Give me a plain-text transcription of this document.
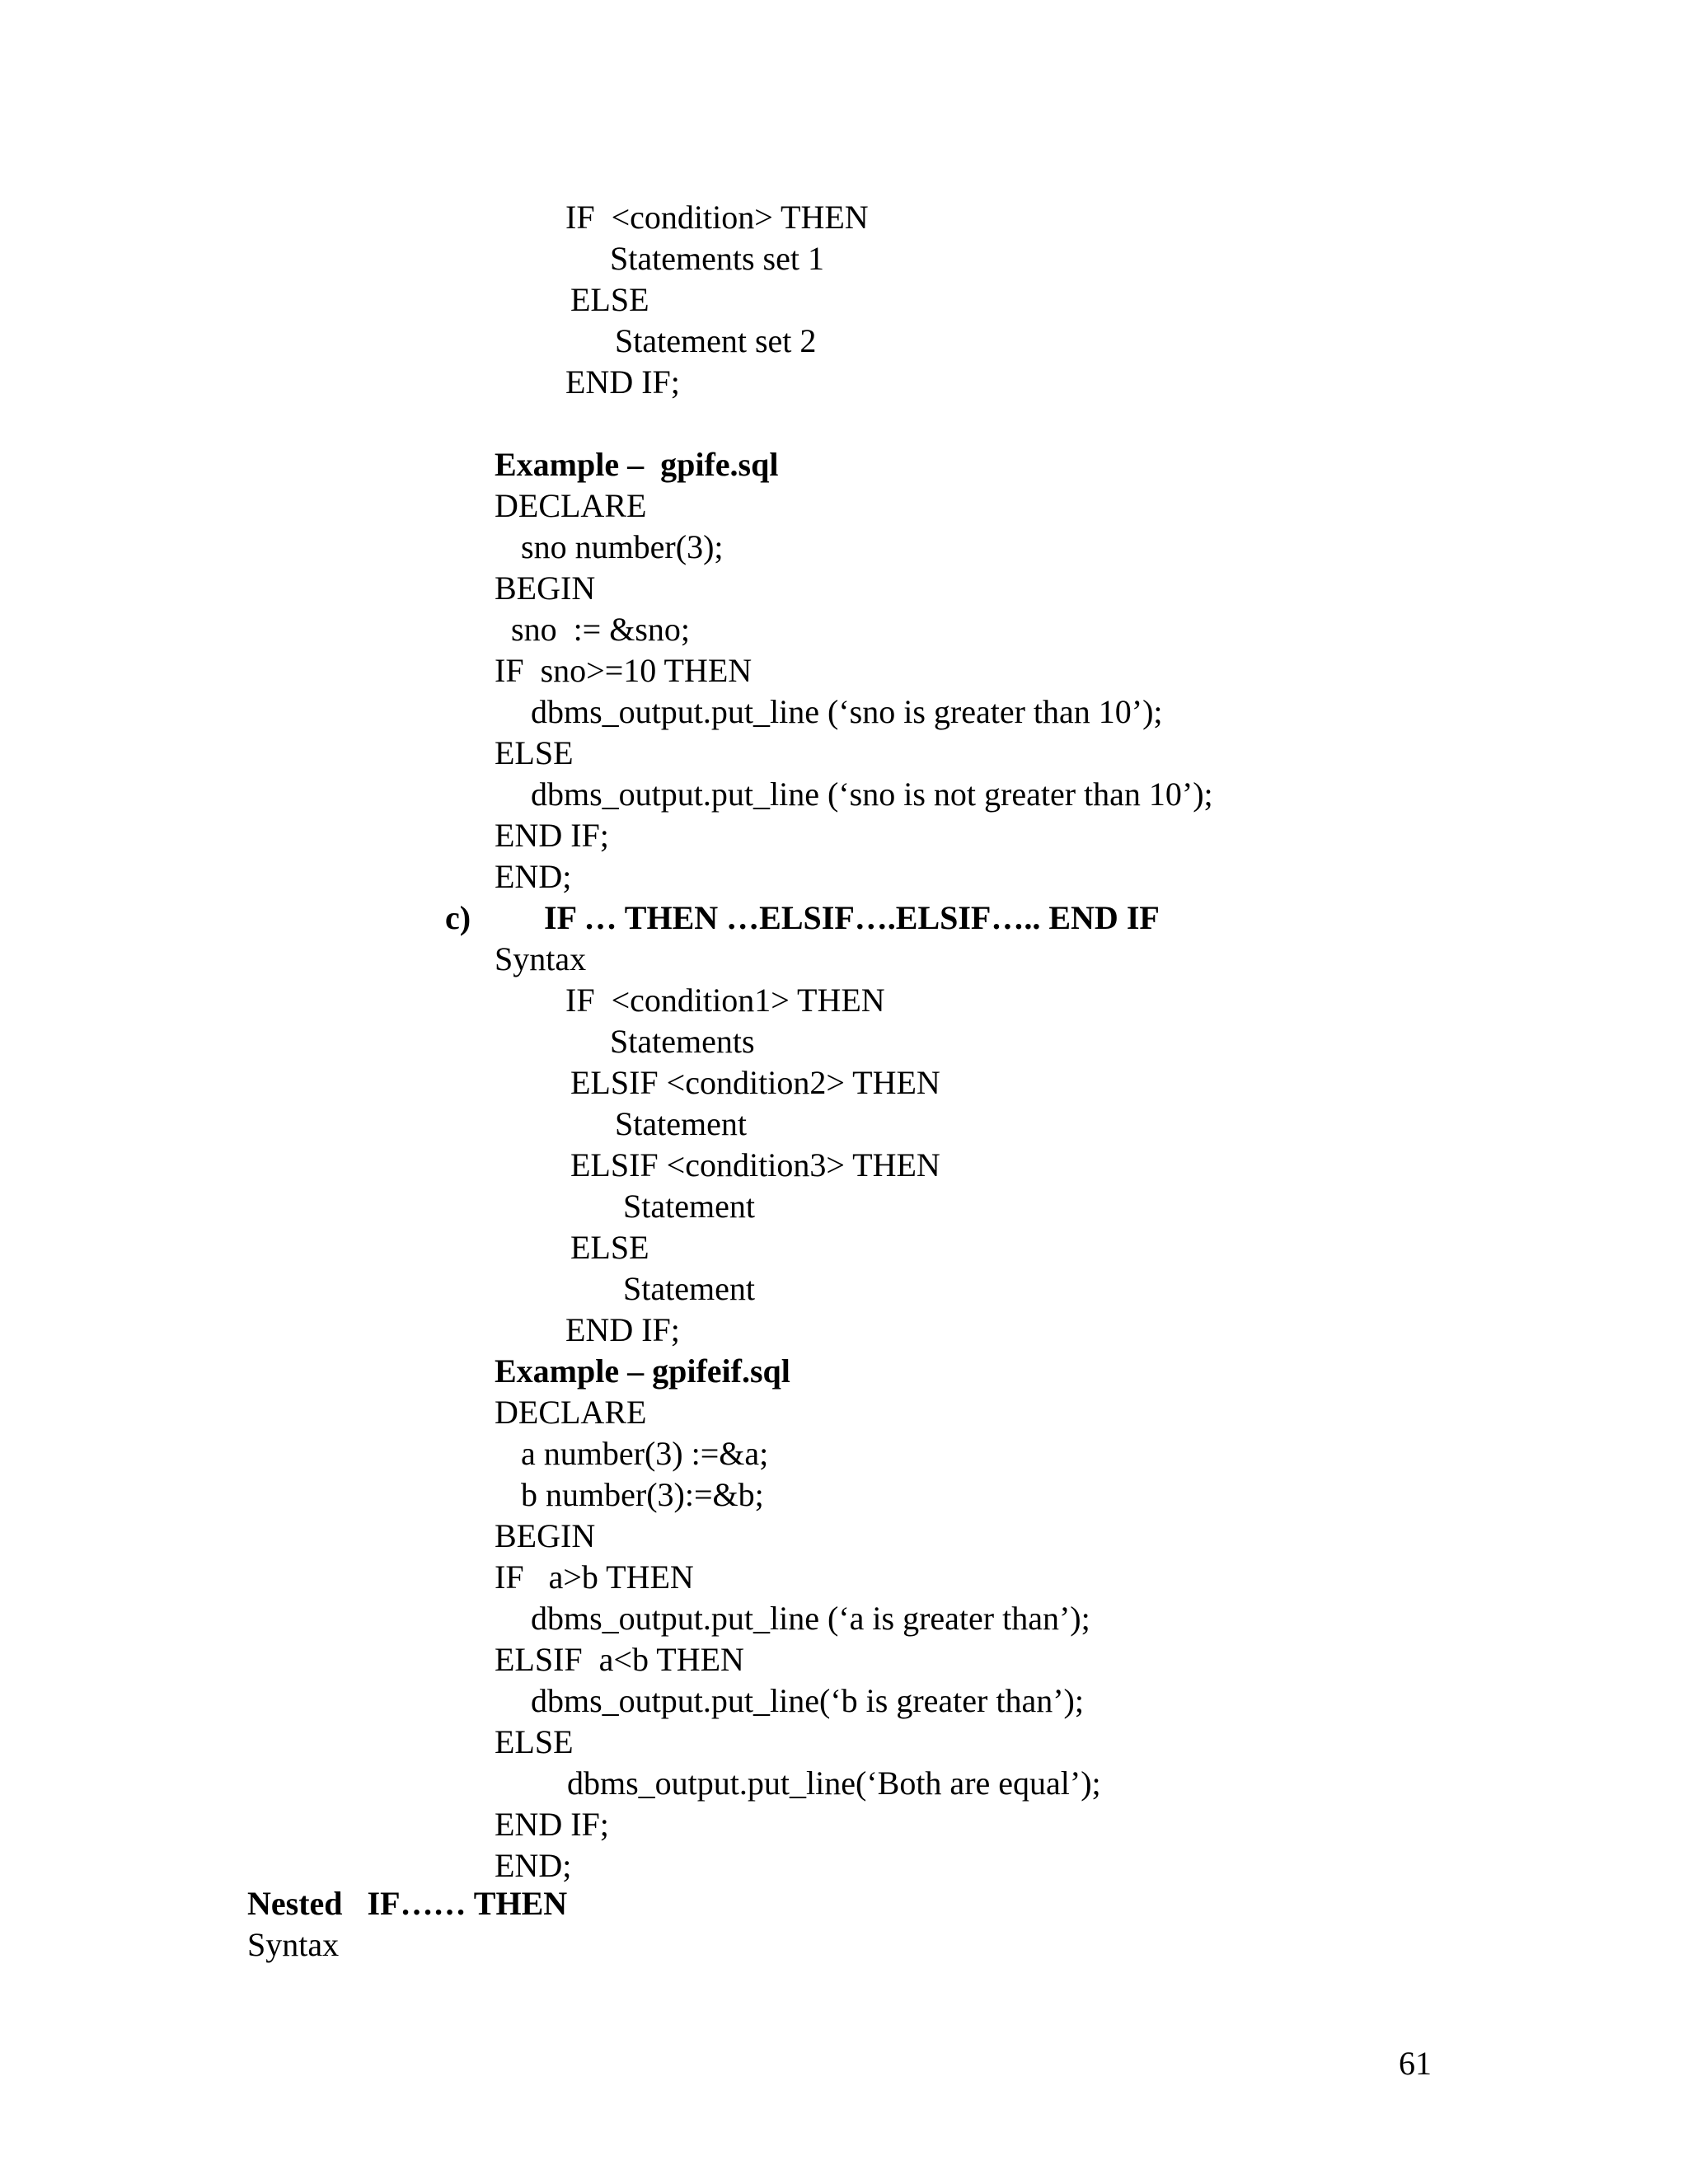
IF  <condition> THEN
Statements set 1
ELSE
Statement set 2
END IF;
Example –  gpife.sql
DECLARE
sno number(3);
BEGIN
sno  := &sno;
IF  sno>=10 THEN
dbms_output.put_line (‘sno is greater than 10’);
ELSE
dbms_output.put_line (‘sno is not greater than 10’);
END IF;
END;
c) IF … THEN …ELSIF….ELSIF….. END IF
Syntax
IF  <condition1> THEN
Statements
ELSIF <condition2> THEN
Statement
ELSIF <condition3> THEN
Statement
ELSE
Statement
END IF;
Example – gpifeif.sql
DECLARE
a number(3) :=&a;
b number(3):=&b;
BEGIN
IF   a>b THEN
dbms_output.put_line (‘a is greater than’);
ELSIF  a<b THEN
dbms_output.put_line(‘b is greater than’);
ELSE
dbms_output.put_line(‘Both are equal’);
END IF;
END;
Nested   IF…… THEN
Syntax
61
